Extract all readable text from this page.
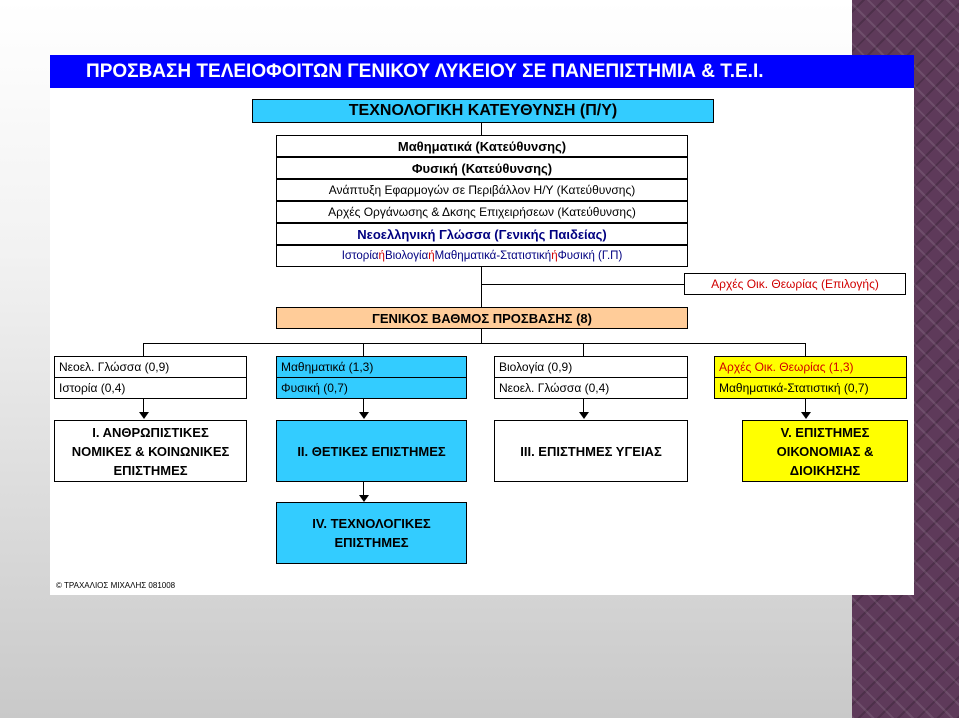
ΠΡΟΣΒΑΣΗ ΤΕΛΕΙΟΦΟΙΤΩΝ ΓΕΝΙΚΟΥ ΛΥΚΕΙΟΥ ΣΕ ΠΑΝΕΠΙΣΤΗΜΙΑ & Τ.Ε.Ι.
ΤΕΧΝΟΛΟΓΙΚΗ ΚΑΤΕΥΘΥΝΣΗ (Π/Υ)
Μαθηματικά (Κατεύθυνσης)
Φυσική (Κατεύθυνσης)
Ανάπτυξη Εφαρμογών σε Περιβάλλον Η/Υ (Κατεύθυνσης)
Αρχές Οργάνωσης & Δκσης Επιχειρήσεων (Κατεύθυνσης)
Νεοελληνική Γλώσσα (Γενικής Παιδείας)
Ιστορία ή Βιολογία ή Μαθηματικά-Στατιστική ή Φυσική (Γ.Π)
Αρχές Οικ. Θεωρίας (Επιλογής)
ΓΕΝΙΚΟΣ ΒΑΘΜΟΣ ΠΡΟΣΒΑΣΗΣ (8)
Νεοελ. Γλώσσα (0,9)
Ιστορία (0,4)
Μαθηματικά (1,3)
Φυσική (0,7)
Βιολογία (0,9)
Νεοελ. Γλώσσα (0,4)
Αρχές Οικ. Θεωρίας (1,3)
Μαθηματικά-Στατιστική (0,7)
Ι. ΑΝΘΡΩΠΙΣΤΙΚΕΣ ΝΟΜΙΚΕΣ & ΚΟΙΝΩΝΙΚΕΣ ΕΠΙΣΤΗΜΕΣ
ΙΙ. ΘΕΤΙΚΕΣ ΕΠΙΣΤΗΜΕΣ	ΙΙΙ. ΕΠΙΣΤΗΜΕΣ ΥΓΕΙΑΣ
V. ΕΠΙΣΤΗΜΕΣ ΟΙΚΟΝΟΜΙΑΣ & ΔΙΟΙΚΗΣΗΣ
ΙV. ΤΕΧΝΟΛΟΓΙΚΕΣ ΕΠΙΣΤΗΜΕΣ
© ΤΡΑΧΑΛΙΟΣ ΜΙΧΑΛΗΣ 081008
